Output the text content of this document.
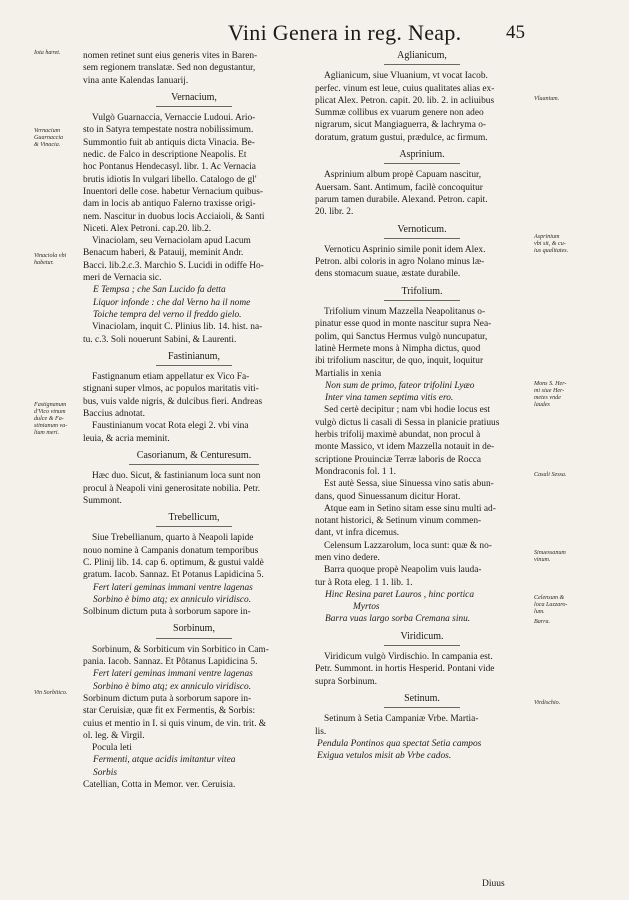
Vini Genera in reg. Neap. 45

nomen retinet sunt eius generis vites in Baren-

sem regionem translatæ. Sed non degustantur,

vina ante Kalendas Ianuarij.

Vernacium,

Vulgò Guarnaccia, Vernaccie Ludoui. Ario-

sto in Satyra tempestate nostra nobilissimum.

Summontio fuit ab antiquis dicta Vinacia. Be-

nedic. de Falco in descriptione Neapolis. Et

hoc Pontanus Hendecasyl. libr. 1. Ac Vernacia

brutis idiotis In vulgari libello. Catalogo de gl'

Inuentori delle cose. habetur Vernacium quibus-

dam in locis ab antiquo Falerno traxisse origi-

nem. Nascitur in duobus locis Acciaioli, & Santi

Niceti. Alex Petroni. cap.20. lib.2.

Vinaciolam, seu Vernaciolam apud Lacum

Benacum haberi, & Patauij, meminit Andr.

Bacci. lib.2.c.3. Marchio S. Lucidi in odiffe Ho-

meri de Vernacia sic.

E Tempsa ; che San Lucido fa detta

Liquor infonde : che dal Verno ha il nome

Toiche tempra del verno il freddo gielo.

Vinaciolam, inquit C. Plinius lib. 14. hist. na-

tu. c.3. Soli nouerunt Sabini, & Laurenti.

Fastinianum,

Fastignanum etiam appellatur ex Vico Fa-

stignani super vlmos, ac populos maritatis viti-

bus, vuis valde nigris, & dulcibus fieri. Andreas

Baccius adnotat.

Faustinianum vocat Rota elegi 2. vbi vina

leuia, & acria meminit.

Casorianum, & Centuresum.

Hæc duo. Sicut, & fastinianum loca sunt non

procul à Neapoli vini generositate nobilia. Petr.

Summont.

Trebellicum,

Siue Trebellianum, quarto à Neapoli lapide

nouo nomine à Campanis donatum temporibus

C. Plinij lib. 14. cap 6. optimum, & gustui valdè

gratum. Iacob. Sannaz. Et Potanus Lapidicina 5.

Fert lateri geminas immani ventre lagenas

Sorbino è bimo atq; ex anniculo viridisco.

Solbinum dictum puta à sorborum sapore in-

Sorbinum,

Sorbinum, & Sorbiticum vin Sorbitico in Cam-

pania. Iacob. Sannaz. Et Pôtanus Lapidicina 5.

Fert lateri geminas immani ventre lagenas

Sorbino è bimo atq; ex anniculo viridisco.

Sorbinum dictum puta à sorborum sapore in-

star Ceruisiæ, quæ fit ex Fermentis, & Sorbis:

cuius et mentio in I. si quis vinum, de vin. trit. &

ol. leg. & Virgil.

Pocula leti

Fermenti, atque acidis imitantur vitea

Sorbis

Catellian, Cotta in Memor. ver. Ceruisia.

Iota hæret.
Vernacium
Guarnaccia
& Vinacia.
Vinaciola vbi
habetur.
Fastignanum
d'Vico vinum
dulce & Fa-
stinianum va-
lium meri.
Vin Sorbitico.
Aglianicum,

Aglianicum, siue Vluanium, vt vocat Iacob.

perfec. vinum est leue, cuius qualitates alias ex-

plicat Alex. Petron. capit. 20. lib. 2. in acliuibus

Summæ collibus ex vuarum genere non adeo

nigrarum, sicut Mangiaguerra, & lachryma o-

doratum, gratum gustui, prædulce, ac firmum.

Asprinium.

Asprinium album propè Capuam nascitur,

Auersam. Sant. Antimum, facilè concoquitur

parum tamen durabile. Alexand. Petron. capit.

20. libr. 2.

Vernoticum.

Vernoticu Asprinio simile ponit idem Alex.

Petron. albi coloris in agro Nolano minus læ-

dens stomacum suaue, æstate durabile.

Trifolium.

Trifolium vinum Mazzella Neapolitanus o-

pinatur esse quod in monte nascitur supra Nea-

polim, qui Sanctus Hermus vulgò nuncupatur,

latinè Hermete mons à Nimpha dictus, quod

ibi trifolium nascitur, de quo, inquit, loquitur

Martialis in xenia

Non sum de primo, fateor trifolini Lyæo

Inter vina tamen septima vitis ero.

Sed certè decipitur ; nam vbi hodie locus est

vulgò dictus li casali di Sessa in planicie pratiuus

herbis trifolij maximè abundat, non procul à

monte Massico, vt idem Mazzella notauit in de-

scriptione Prouinciæ Terræ laboris de Rocca

Mondraconis fol. 1 1.

Est autè Sessa, siue Sinuessa vino satis abun-

dans, quod Sinuessanum dicitur Horat.

Atque eam in Setino sitam esse sinu multi ad-

notant historici, & Setinum vinum commen-

dant, vt infra dicemus.

Celensum Lazzarolum, loca sunt: quæ & no-

men vino dedere.

Barra quoque propè Neapolim vuis lauda-

tur à Rota eleg. 1 1. lib. 1.

Hinc Resina paret Lauros , hinc portica

Myrtos

Barra vuas largo sorba Cremana sinu.

Viridicum.

Viridicum vulgò Virdischio. In campania est.

Petr. Summont. in hortis Hesperid. Pontani vide

supra Sorbinum.

Setinum.

Setinum à Setia Campaniæ Vrbe. Martia-

lis.

Pendula Pontinos qua spectat Setia campos

Exigua vetulos misit ab Vrbe cados.

Vluanium.
Asprinium
vbi sit, & cu-
ius qualitates.
Mons S. Her-
mi siue Her-
metes vnde
laudes
Casali Sessa.
Sinuessanum
vinum.
Celensum &
loca Lazzaro-
lum.
Barra.
Virdischio.
Diuus
